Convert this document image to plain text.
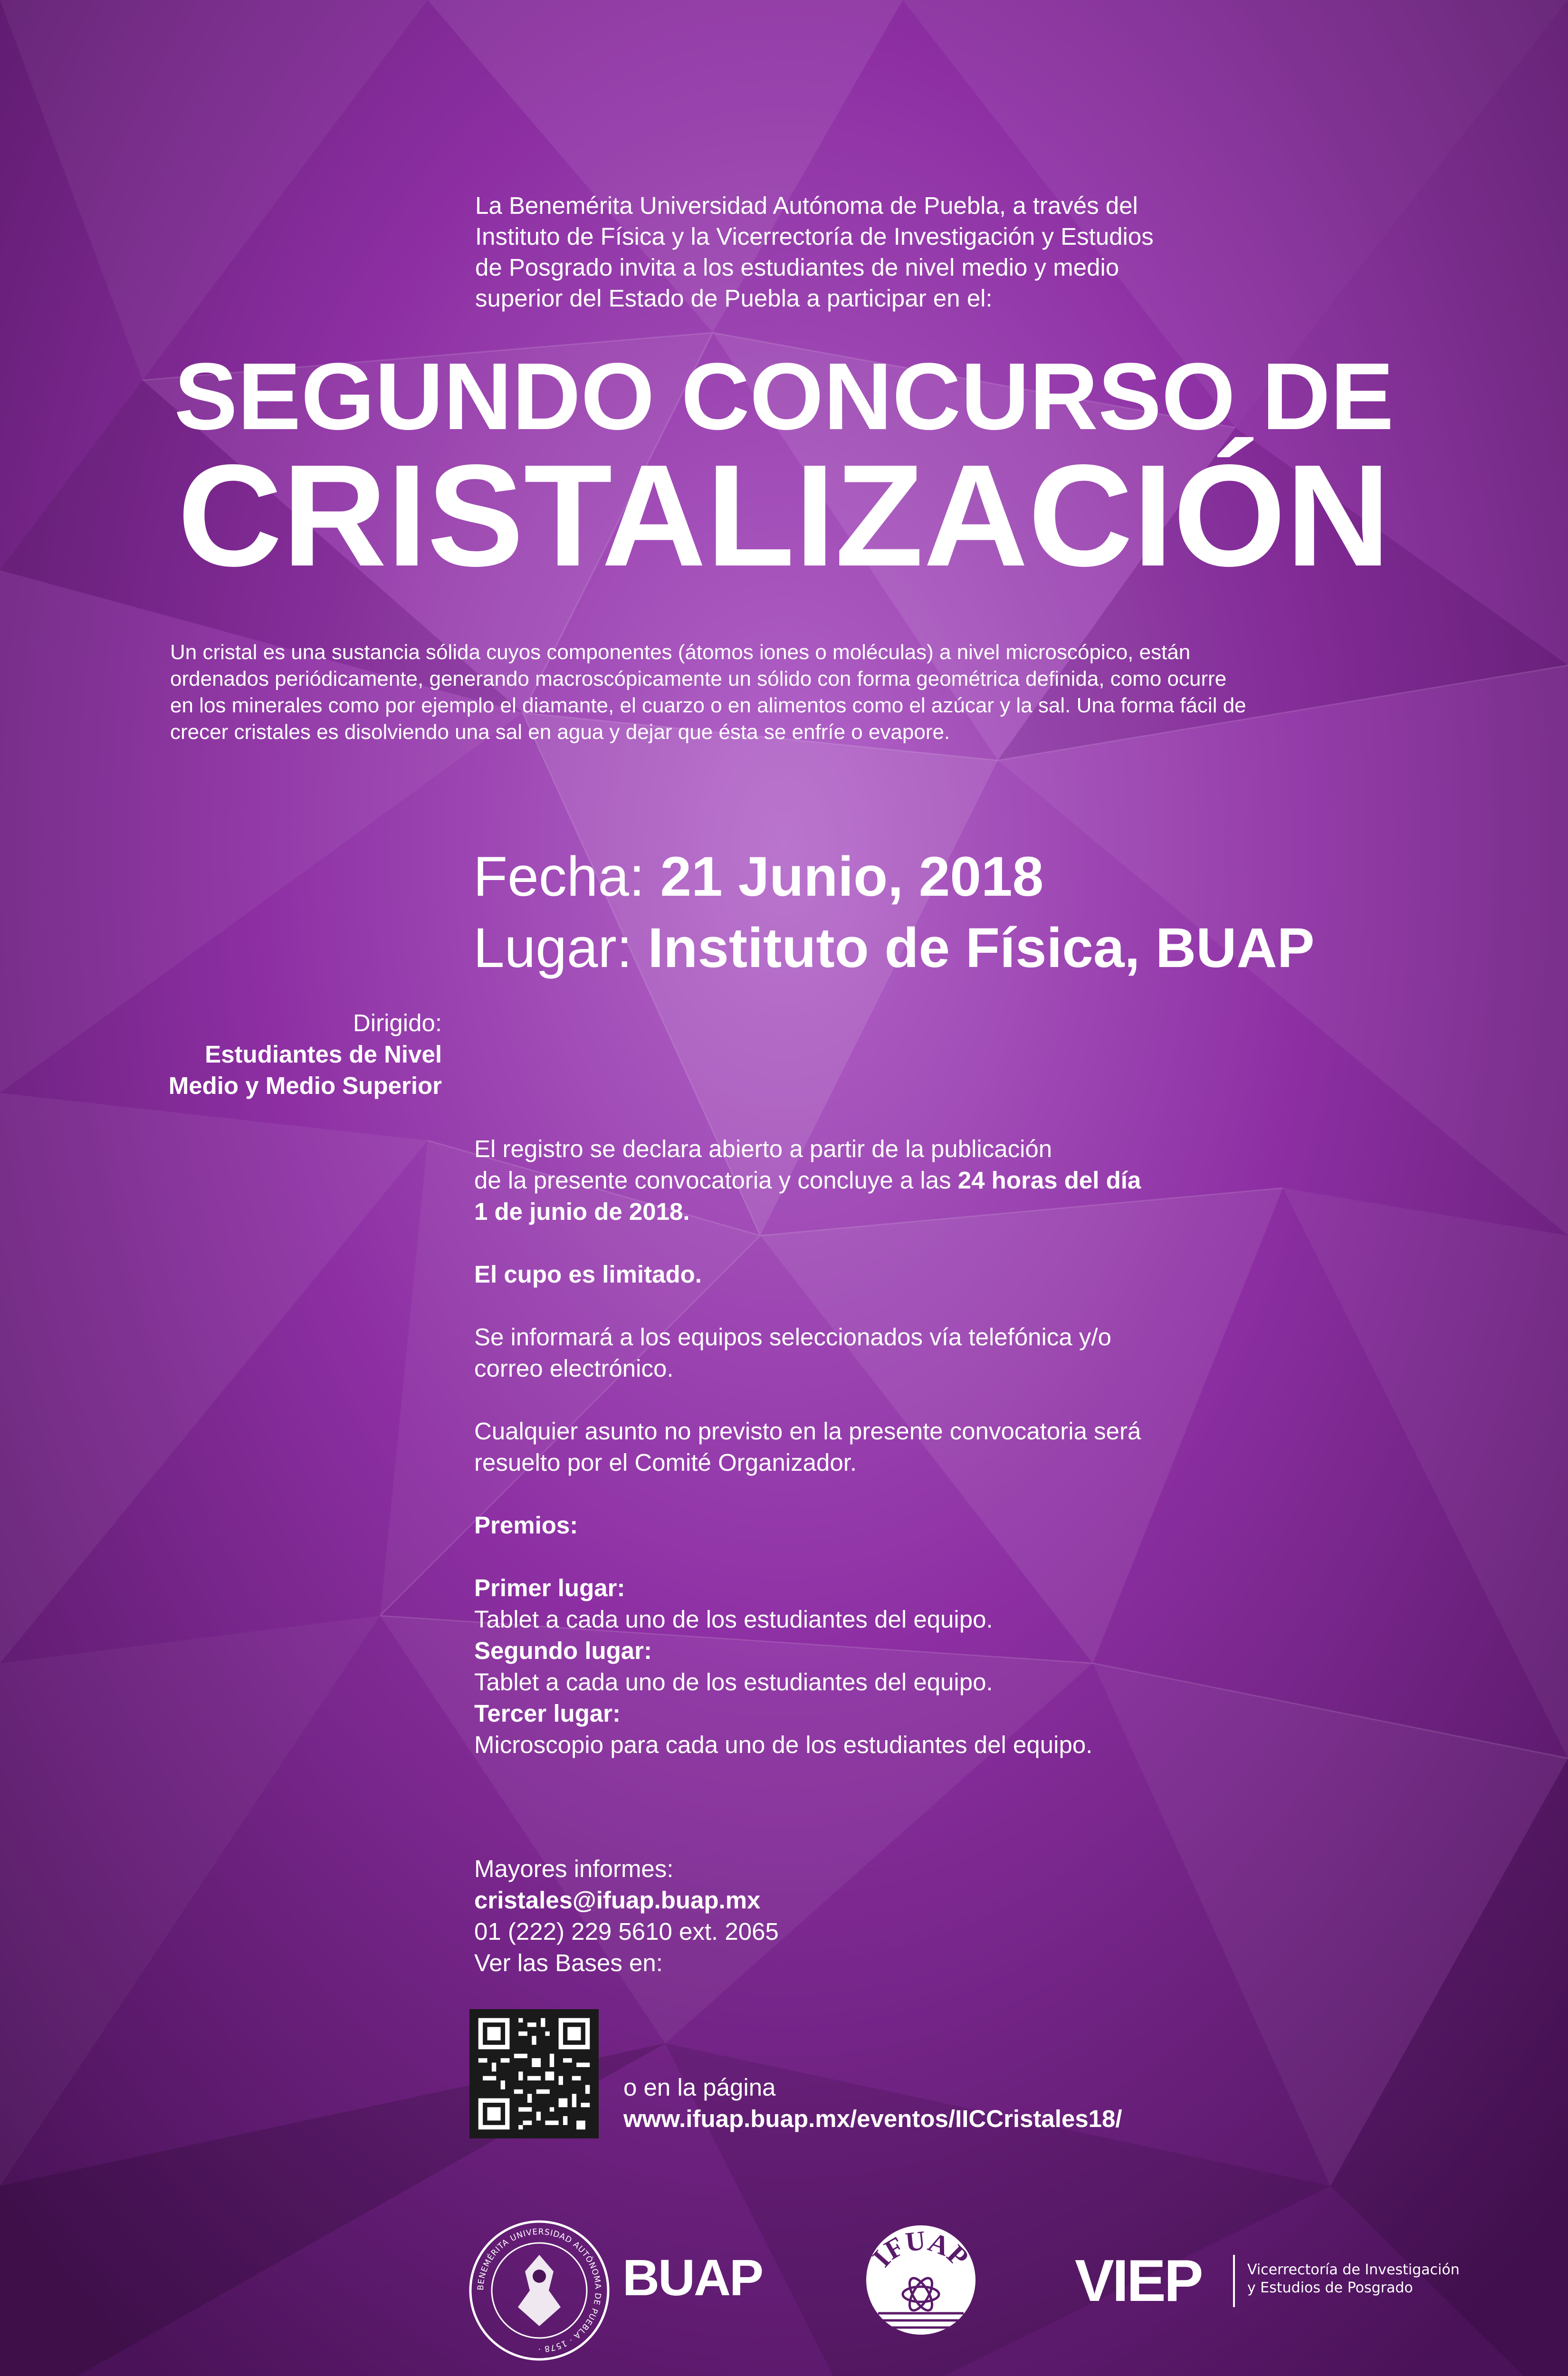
La Benemérita Universidad Autónoma de Puebla, a través del

Instituto de Física y la Vicerrectoría de Investigación y Estudios

de Posgrado invita a los estudiantes de nivel medio y medio

superior del Estado de Puebla a participar en el:

SEGUNDO CONCURSO DE
CRISTALIZACIÓN

Un cristal es una sustancia sólida cuyos componentes (átomos iones o moléculas) a nivel microscópico, están

ordenados periódicamente, generando macroscópicamente un sólido con forma geométrica definida, como ocurre

en los minerales como por ejemplo el diamante, el cuarzo o en alimentos como el azúcar y la sal. Una forma fácil de

crecer cristales es disolviendo una sal en agua y dejar que ésta se enfríe o evapore.

Fecha: 21 Junio, 2018
Lugar: Instituto de Física, BUAP
Dirigido:
Estudiantes de Nivel
Medio y Medio Superior

El registro se declara abierto a partir de la publicación
de la presente convocatoria y concluye a las 24 horas del día
1 de junio de 2018.

El cupo es limitado.

Se informará a los equipos seleccionados vía telefónica y/o
correo electrónico.

Cualquier asunto no previsto en la presente convocatoria será
resuelto por el Comité Organizador.

Premios:

Primer lugar:
Tablet a cada uno de los estudiantes del equipo.
Segundo lugar:
Tablet a cada uno de los estudiantes del equipo.
Tercer lugar:
Microscopio para cada uno de los estudiantes del equipo.
Mayores informes:
cristales@ifuap.buap.mx
01 (222) 229 5610 ext. 2065
Ver las Bases en:
o en la página
www.ifuap.buap.mx/eventos/IICCristales18/
BENEMÉRITA UNIVERSIDAD AUTÓNOMA DE PUEBLA · 1578 ·
BUAP	IFUAP VIEP	Vicerrectoría de Investigación
y Estudios de Posgrado
